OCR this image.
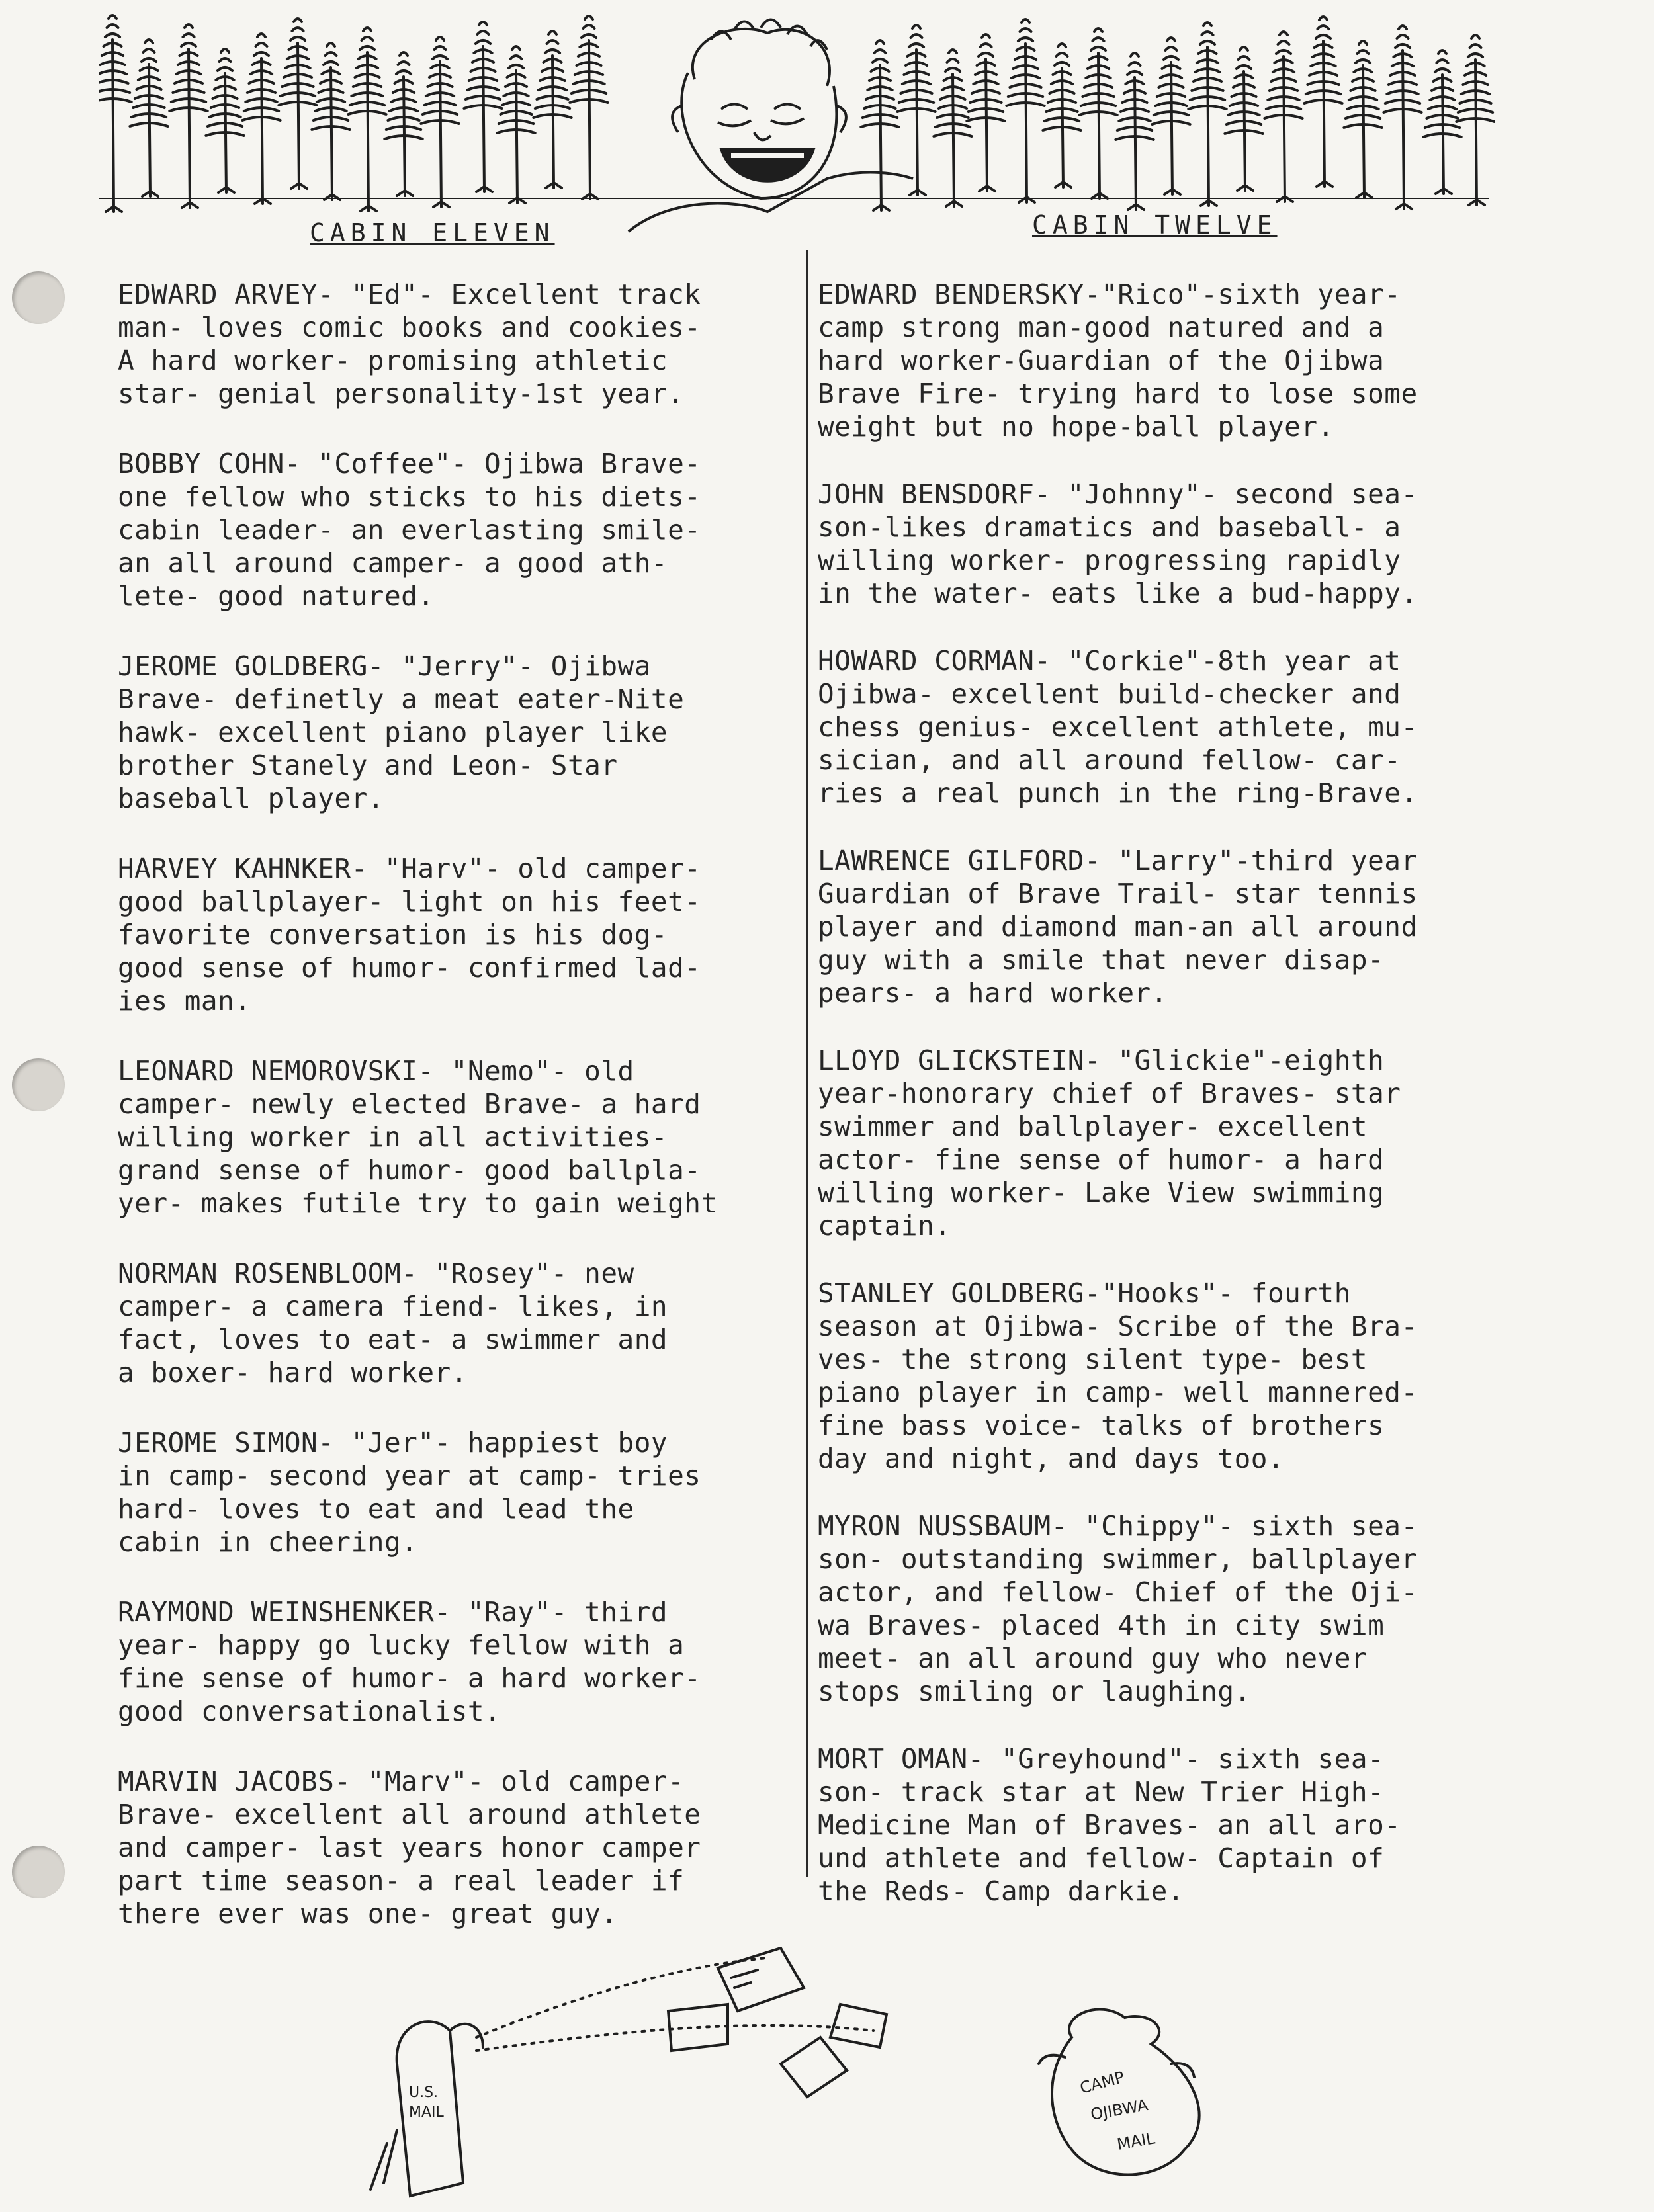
CABIN ELEVEN	CABIN TWELVE

EDWARD ARVEY- "Ed"- Excellent track
man- loves comic books and cookies-
A hard worker- promising athletic
star- genial personality-1st year.

BOBBY COHN- "Coffee"- Ojibwa Brave-
one fellow who sticks to his diets-
cabin leader- an everlasting smile-
an all around camper- a good ath-
lete- good natured.

JEROME GOLDBERG- "Jerry"- Ojibwa
Brave- definetly a meat eater-Nite
hawk- excellent piano player like
brother Stanely and Leon- Star
baseball player.

HARVEY KAHNKER- "Harv"- old camper-
good ballplayer- light on his feet-
favorite conversation is his dog-
good sense of humor- confirmed lad-
ies man.

LEONARD NEMOROVSKI- "Nemo"- old
camper- newly elected Brave- a hard
willing worker in all activities-
grand sense of humor- good ballpla-
yer- makes futile try to gain weight

NORMAN ROSENBLOOM- "Rosey"- new
camper- a camera fiend- likes, in
fact, loves to eat- a swimmer and
a boxer- hard worker.

JEROME SIMON- "Jer"- happiest boy
in camp- second year at camp- tries
hard- loves to eat and lead the
cabin in cheering.

RAYMOND WEINSHENKER- "Ray"- third
year- happy go lucky fellow with a
fine sense of humor- a hard worker-
good conversationalist.

MARVIN JACOBS- "Marv"- old camper-
Brave- excellent all around athlete
and camper- last years honor camper
part time season- a real leader if
there ever was one- great guy.

EDWARD BENDERSKY-"Rico"-sixth year-
camp strong man-good natured and a
hard worker-Guardian of the Ojibwa
Brave Fire- trying hard to lose some
weight but no hope-ball player.

JOHN BENSDORF- "Johnny"- second sea-
son-likes dramatics and baseball- a
willing worker- progressing rapidly
in the water- eats like a bud-happy.

HOWARD CORMAN- "Corkie"-8th year at
Ojibwa- excellent build-checker and
chess genius- excellent athlete, mu-
sician, and all around fellow- car-
ries a real punch in the ring-Brave.

LAWRENCE GILFORD- "Larry"-third year
Guardian of Brave Trail- star tennis
player and diamond man-an all around
guy with a smile that never disap-
pears- a hard worker.

LLOYD GLICKSTEIN- "Glickie"-eighth
year-honorary chief of Braves- star
swimmer and ballplayer- excellent
actor- fine sense of humor- a hard
willing worker- Lake View swimming
captain.

STANLEY GOLDBERG-"Hooks"- fourth
season at Ojibwa- Scribe of the Bra-
ves- the strong silent type- best
piano player in camp- well mannered-
fine bass voice- talks of brothers
day and night, and days too.

MYRON NUSSBAUM- "Chippy"- sixth sea-
son- outstanding swimmer, ballplayer
actor, and fellow- Chief of the Oji-
wa Braves- placed 4th in city swim
meet- an all around guy who never
stops smiling or laughing.

MORT OMAN- "Greyhound"- sixth sea-
son- track star at New Trier High-
Medicine Man of Braves- an all aro-
und athlete and fellow- Captain of
the Reds- Camp darkie.

U.S.
MAIL
CAMP
OJIBWA
MAIL
